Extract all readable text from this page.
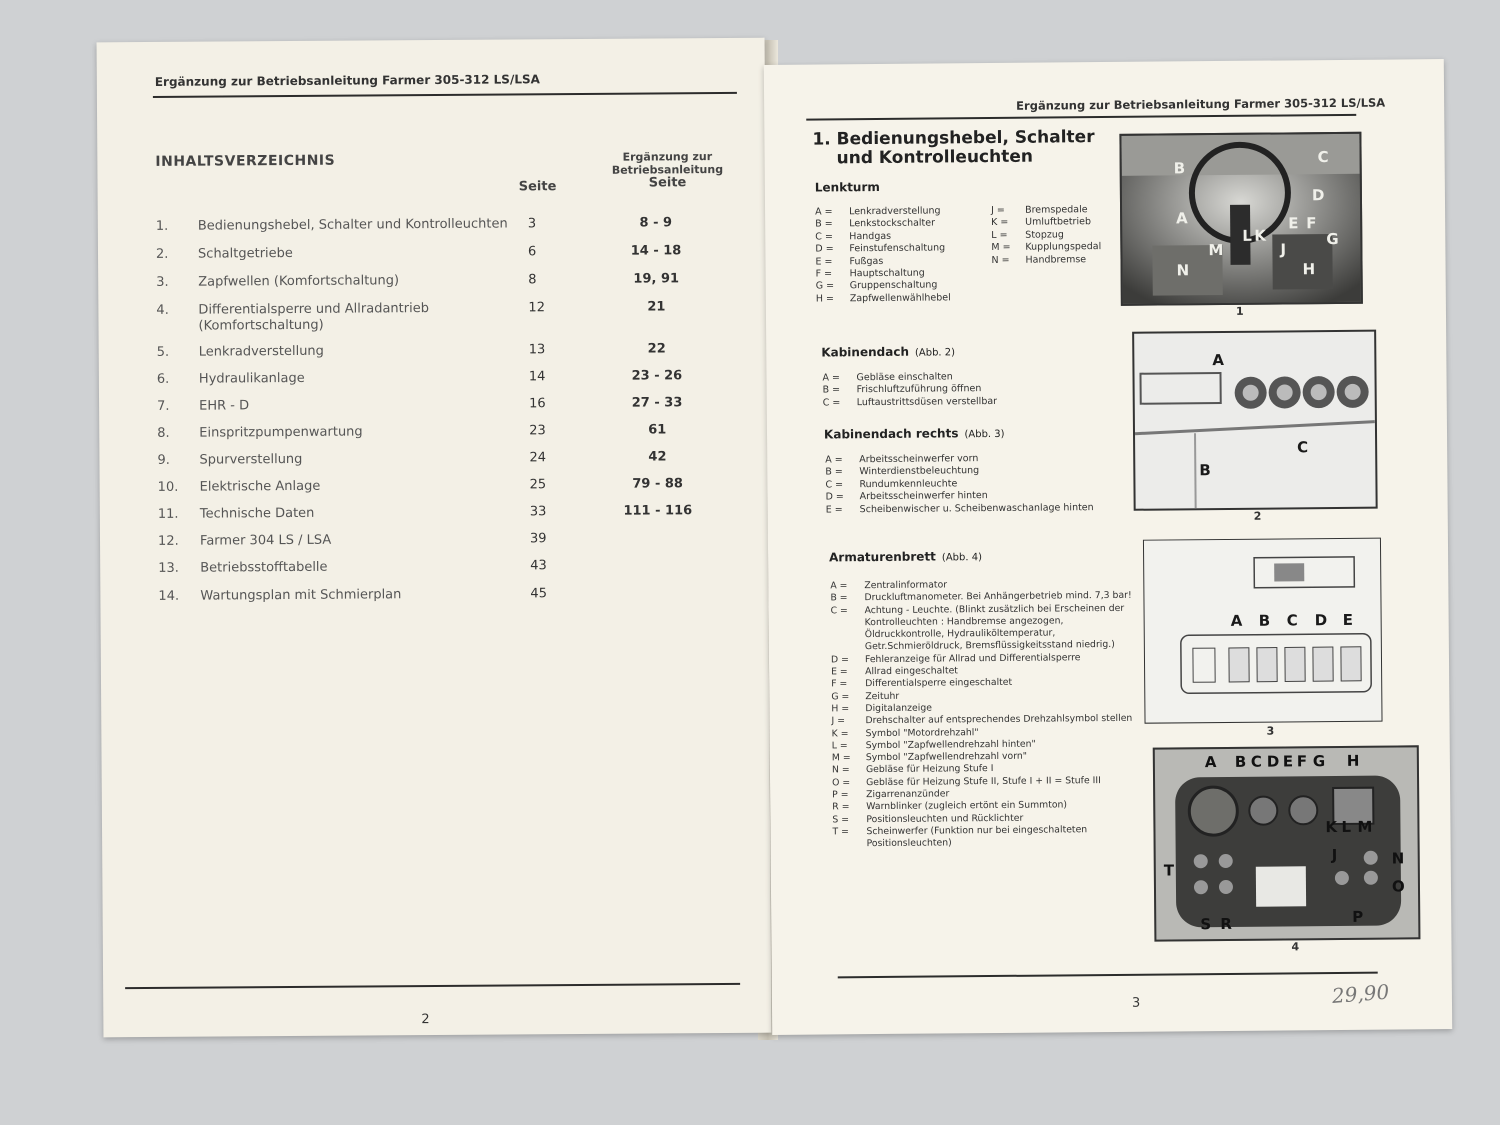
Ergänzung zur Betriebsanleitung Farmer 305-312 LS/LSA
INHALTSVERZEICHNIS
Seite
Ergänzung zur
Betriebsanleitung
Seite
1. Bedienungshebel, Schalter und Kontrolleuchten	3	8 - 9
2. Schaltgetriebe	6	14 - 18
3. Zapfwellen (Komfortschaltung)	8	19, 91
4. Differentialsperre und Allradantrieb (Komfortschaltung)
12	21
5. Lenkradverstellung	13	22
6. Hydraulikanlage	14	23 - 26
7. EHR - D	16	27 - 33
8. Einspritzpumpenwartung	23	61
9. Spurverstellung	24	42
10. Elektrische Anlage	25	79 - 88
11. Technische Daten	33	111 - 116
12. Farmer 304 LS / LSA	39
13. Betriebsstofftabelle	43
14. Wartungsplan mit Schmierplan	45
2
Ergänzung zur Betriebsanleitung Farmer 305-312 LS/LSA
1. Bedienungshebel, Schalter
und Kontrolleuchten
Lenkturm
A =	Lenkradverstellung
B =	Lenkstockschalter
C =	Handgas
D =	Feinstufenschaltung
E =	Fußgas
F =	Hauptschaltung
G =	Gruppenschaltung
H =	Zapfwellenwählhebel
J =	Bremspedale
K =	Umluftbetrieb
L =	Stopzug
M =	Kupplungspedal
N =	Handbremse
B
C
D
A	E F
L K
J
M
G
N	H
1
Kabinendach (Abb. 2)
A =	Gebläse einschalten
B =	Frischluftzuführung öffnen
C =	Luftaustrittsdüsen verstellbar
Kabinendach rechts (Abb. 3)
A =	Arbeitsscheinwerfer vorn
B =	Winterdienstbeleuchtung
C =	Rundumkennleuchte
D =	Arbeitsscheinwerfer hinten
E =	Scheibenwischer u. Scheibenwaschanlage hinten
A
B
C
2
Armaturenbrett (Abb. 4)
A =	Zentralinformator
B =	Druckluftmanometer. Bei Anhängerbetrieb mind. 7,3 bar!
C =	Achtung - Leuchte. (Blinkt zusätzlich bei Erscheinen der Kontrolleuchten : Handbremse angezogen, Öldruckkontrolle, Hydrauliköltemperatur, Getr.Schmieröldruck, Bremsflüssigkeitsstand niedrig.)
D =	Fehleranzeige für Allrad und Differentialsperre
E =	Allrad eingeschaltet
F =	Differentialsperre eingeschaltet
G =	Zeituhr
H =	Digitalanzeige
J =	Drehschalter auf entsprechendes Drehzahlsymbol stellen
K =	Symbol "Motordrehzahl"
L =	Symbol "Zapfwellendrehzahl hinten"
M =	Symbol "Zapfwellendrehzahl vorn"
N =	Gebläse für Heizung Stufe I
O =	Gebläse für Heizung Stufe II, Stufe I + II = Stufe III
P =	Zigarrenanzünder
R =	Warnblinker (zugleich ertönt ein Summton)
S =	Positionsleuchten und Rücklichter
T =	Scheinwerfer (Funktion nur bei eingeschalteten Positionsleuchten)
A B C D E
3
A B C D E F G H
K L M
J
T
N
O
S R	P
4
3	29,90
